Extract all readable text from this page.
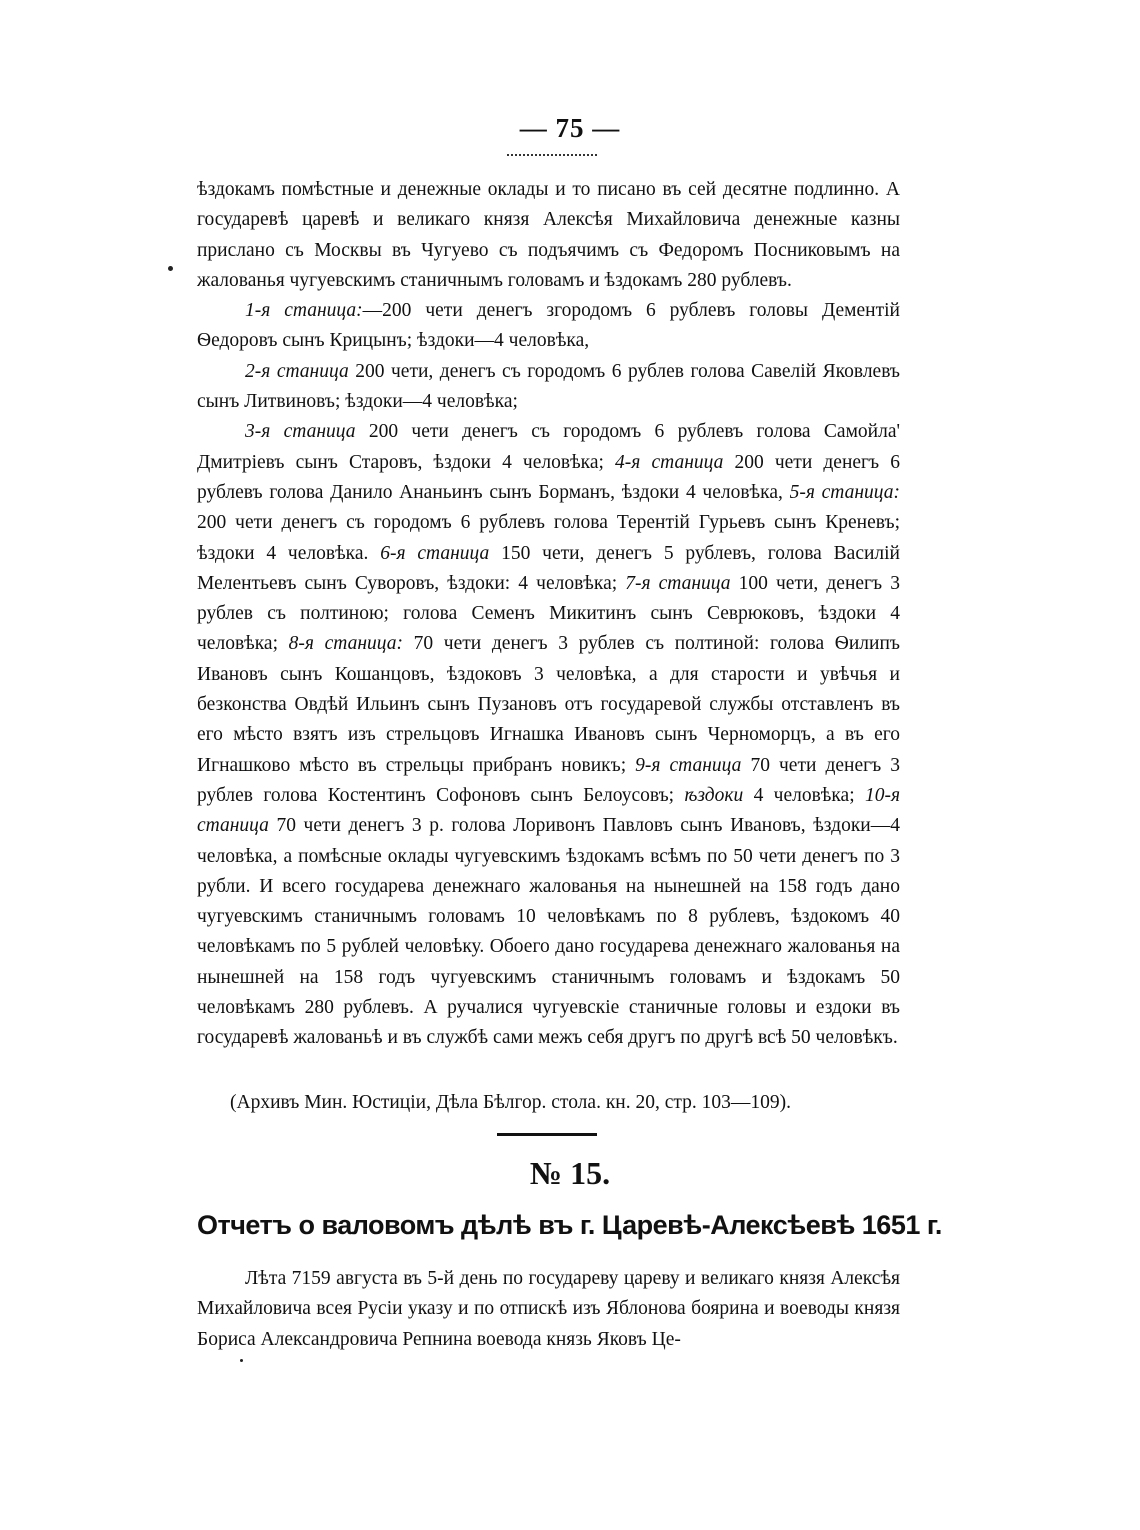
— 75 —

ѣздокамъ помѣстные и денежные оклады и то писано въ сей десятне подлинно. А государевѣ царевѣ и великаго князя Алексѣя Михайловича денежные казны прислано съ Москвы въ Чугуево съ подъячимъ съ Федоромъ Посниковымъ на жалованья чугуевскимъ станичнымъ головамъ и ѣздокамъ 280 рублевъ.

1-я станица:—200 чети денегъ згородомъ 6 рублевъ головы Дементій Ѳедоровъ сынъ Крицынъ; ѣздоки—4 человѣка,

2-я станица 200 чети, денегъ съ городомъ 6 рублев голова Савелій Яковлевъ сынъ Литвиновъ; ѣздоки—4 человѣка;

3-я станица 200 чети денегъ съ городомъ 6 рублевъ голова Самойла' Дмитріевъ сынъ Старовъ, ѣздоки 4 человѣка; 4-я станица 200 чети денегъ 6 рублевъ голова Данило Ананьинъ сынъ Борманъ, ѣздоки 4 человѣка, 5-я станица: 200 чети денегъ съ городомъ 6 рублевъ голова Терентій Гурьевъ сынъ Креневъ; ѣздоки 4 человѣка. 6-я станица 150 чети, денегъ 5 рублевъ, голова Василій Мелентьевъ сынъ Суворовъ, ѣздоки: 4 человѣка; 7-я станица 100 чети, денегъ 3 рублев съ полтиною; голова Семенъ Микитинъ сынъ Севрюковъ, ѣздоки 4 человѣка; 8-я станица: 70 чети денегъ 3 рублев съ полтиной: голова Ѳилипъ Ивановъ сынъ Кошанцовъ, ѣздоковъ 3 человѣка, а для старости и увѣчья и безконства Овдѣй Ильинъ сынъ Пузановъ отъ государевой службы отставленъ въ его мѣсто взятъ изъ стрельцовъ Игнашка Ивановъ сынъ Черноморцъ, а въ его Игнашково мѣсто въ стрельцы прибранъ новикъ; 9-я станица 70 чети денегъ 3 рублев голова Костентинъ Софоновъ сынъ Белоусовъ; ѣздоки 4 человѣка; 10-я станица 70 чети денегъ 3 р. голова Лоривонъ Павловъ сынъ Ивановъ, ѣздоки—4 человѣка, а помѣсные оклады чугуевскимъ ѣздокамъ всѣмъ по 50 чети денегъ по 3 рубли. И всего государева денежнаго жалованья на нынешней на 158 годъ дано чугуевскимъ станичнымъ головамъ 10 человѣкамъ по 8 рублевъ, ѣздокомъ 40 человѣкамъ по 5 рублей человѣку. Обоего дано государева денежнаго жалованья на нынешней на 158 годъ чугуевскимъ станичнымъ головамъ и ѣздокамъ 50 человѣкамъ 280 рублевъ. А ручалися чугуевскіе станичные головы и ездоки въ государевѣ жалованьѣ и въ службѣ сами межъ себя другъ по другѣ всѣ 50 человѣкъ.

(Архивъ Мин. Юстиціи, Дѣла Бѣлгор. стола. кн. 20, стр. 103—109).
№ 15.
Отчетъ о валовомъ дѣлѣ въ г. Царевѣ-Алексѣевѣ 1651 г.

Лѣта 7159 августа въ 5-й день по государеву цареву и великаго князя Алексѣя Михайловича всея Русіи указу и по отпискѣ изъ Яблонова боярина и воеводы князя Бориса Александровича Репнина воевода князь Яковъ Це-
